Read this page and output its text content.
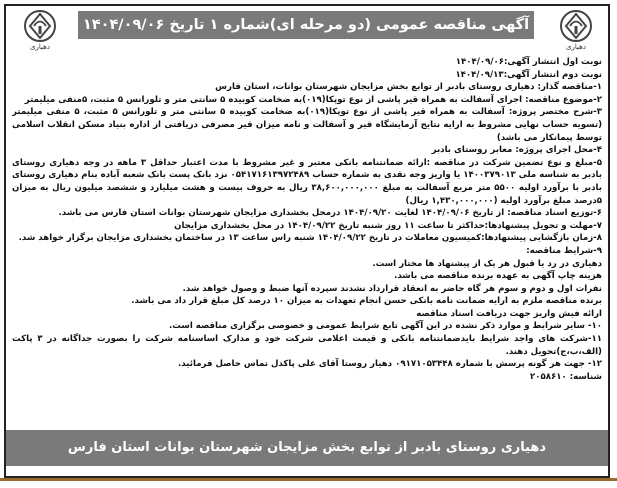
دهیاری
آگهی مناقصه عمومی (دو مرحله ای)شماره ۱ تاریخ ۱۴۰۴/۰۹/۰۶
دهیاری
نوبت اول انتشار آگهی:۱۴۰۴/۰۹/۰۶
نوبت دوم انتشار آگهی:۱۴۰۴/۰۹/۱۳
۱-مناقصه گذار: دهیاری روستای بادبر از توابع بخش مزایجان شهرستان بوانات، استان فارس
۲-موضوع مناقصه: اجرای آسفالت به همراه قیر پاشی از نوع توپکا(۰۱۹)به ضخامت کوبیده ۵ سانتی متر و تلورانس ۵ مثبت، ۵منفی میلیمتر
۳-شرح مختصر پروژه: آسفالت به همراه قیر پاشی از نوع توپکا(۰۱۹)به ضخامت کوبیده ۵ سانتی متر و تلورانس ۵ مثبت، ۵ منفی میلیمتر (تسویه حساب نهایی مشروط به ارایه نتایج آزمایشگاه قیر و آسفالت و نامه میزان قیر مصرفی دریافتی از اداره بنیاد مسکن انقلاب اسلامی توسط پیمانکار می باشد)
۴-محل اجرای پروژه: معابر روستای بادبر
۵-مبلغ و نوع تضمین شرکت در مناقصه :ارائه ضمانتنامه بانکی معتبر و غیر مشروط با مدت اعتبار حداقل ۳ ماهه در وجه دهیاری روستای بادبر به شناسه ملی ۱۴۰۰۳۷۹۰۱۳ یا واریز وجه نقدی به شماره حساب ۰۵۴۱۷۱۶۱۳۹۷۲۴۸۹ نزد بانک پست بانک شعبه آباده بنام دهیاری روستای بادبر با برآورد اولیه ۵۵۰۰ متر مربع آسفالت به مبلغ ۳۸,۶۰۰,۰۰۰,۰۰۰ ریال به حروف بیست و هشت میلیارد و ششصد میلیون ریال به میزان ۵درصد مبلغ برآورد اولیه (۱,۴۳۰,۰۰۰,۰۰۰ ریال)
۶-توزیع اسناد مناقصه: از تاریخ ۱۴۰۴/۰۹/۰۶ لغایت ۱۴۰۴/۰۹/۲۰ درمحل بخشداری مزایجان شهرستان بوانات استان فارس می باشد.
۷-مهلت و تحویل پیشنهادها:حداکثر تا ساعت ۱۱ روز شنبه تاریخ ۱۴۰۴/۰۹/۲۲ در محل بخشداری مزایجان
۸-زمان بازگشایی پیشنهادها:کمیسیون معاملات در تاریخ ۱۴۰۴/۰۹/۲۲ شنبه راس ساعت ۱۳ در ساختمان بخشداری مزایجان برگزار خواهد شد.
۹-شرایط مناقصه:
دهیاری در رد یا قبول هر یک از پیشنهاد ها مختار است.
هزینه چاپ آگهی به عهده برنده مناقصه می باشد.
نفرات اول و دوم و سوم هر گاه حاضر به انعقاد قرارداد نشدند سپرده آنها ضبط و وصول خواهد شد.
برنده مناقصه ملزم به ارایه ضمانت نامه بانکی حسن انجام تعهدات به میزان ۱۰ درصد کل مبلغ قرار داد می باشد.
ارائه فیش واریز جهت دریافت اسناد مناقصه
۱۰- سایر شرایط و موارد ذکر نشده در این آگهی تابع شرایط عمومی و خصوصی برگزاری مناقصه است.
۱۱-شرکت های واجد شرایط بایدضمانتنامه بانکی و قیمت اعلامی شرکت خود و مدارک اساسنامه شرکت را بصورت جداگانه در ۳ پاکت (الف،ب،ج)تحویل دهند.
۱۲- جهت هر گونه پرسش با شماره ۰۹۱۷۱۰۵۳۴۴۸ دهیار روستا آقای علی پاکدل تماس حاصل فرمائید.
شناسه: ۲۰۵۸۶۱۰
دهیاری روستای بادبر از توابع بخش مزایجان شهرستان بوانات استان فارس
